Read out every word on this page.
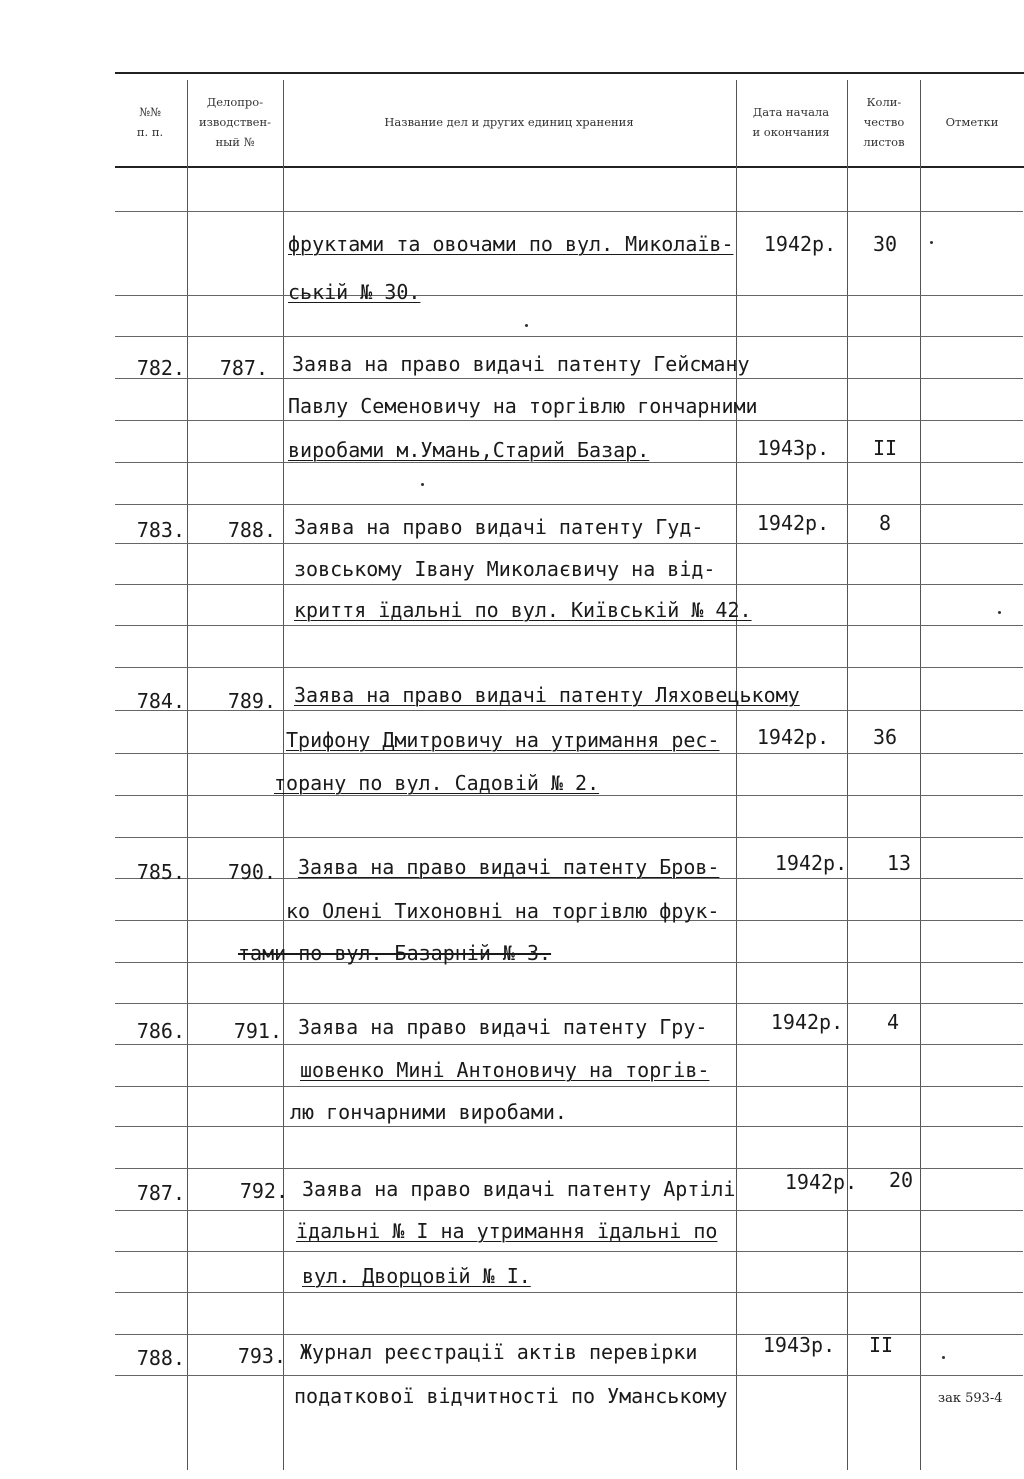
№№
п. п.
Делопро-
изводствен-
ный №
Название дел и других единиц хранения
Дата начала
и окончания
Коли-
чество
листов
Отметки
фруктами та овочами по вул. Миколаїв-
ській № 30.
1942р.	30
782.	787. Заява на право видачі патенту Гейсману
Павлу Семеновичу на торгівлю гончарними
виробами м.Умань,Старий Базар.	1943р.	II
783.	788. Заява на право видачі патенту Гуд-
зовському Івану Миколаєвичу на від-
криття їдальні по вул. Київській № 42.
1942р.	8
784.	789. Заява на право видачі патенту Ляховецькому
Трифону Дмитровичу на утримання рес-
торану по вул. Садовій № 2.
1942р.	36
785.	790. Заява на право видачі патенту Бров-
ко Олені Тихоновні на торгівлю фрук-
тами по вул. Базарній № 3.
1942р.	13
786.	791. Заява на право видачі патенту Гру-
шовенко Мині Антоновичу на торгів-
лю гончарними виробами.
1942р.	4
787.	792. Заява на право видачі патенту Артілі
їдальні № I на утримання їдальні по
вул. Дворцовій № I.
1942р.	20
788.	793. Журнал реєстрації актів перевірки
податкової відчитності по Уманському
1943р.	II
зак 593-4
